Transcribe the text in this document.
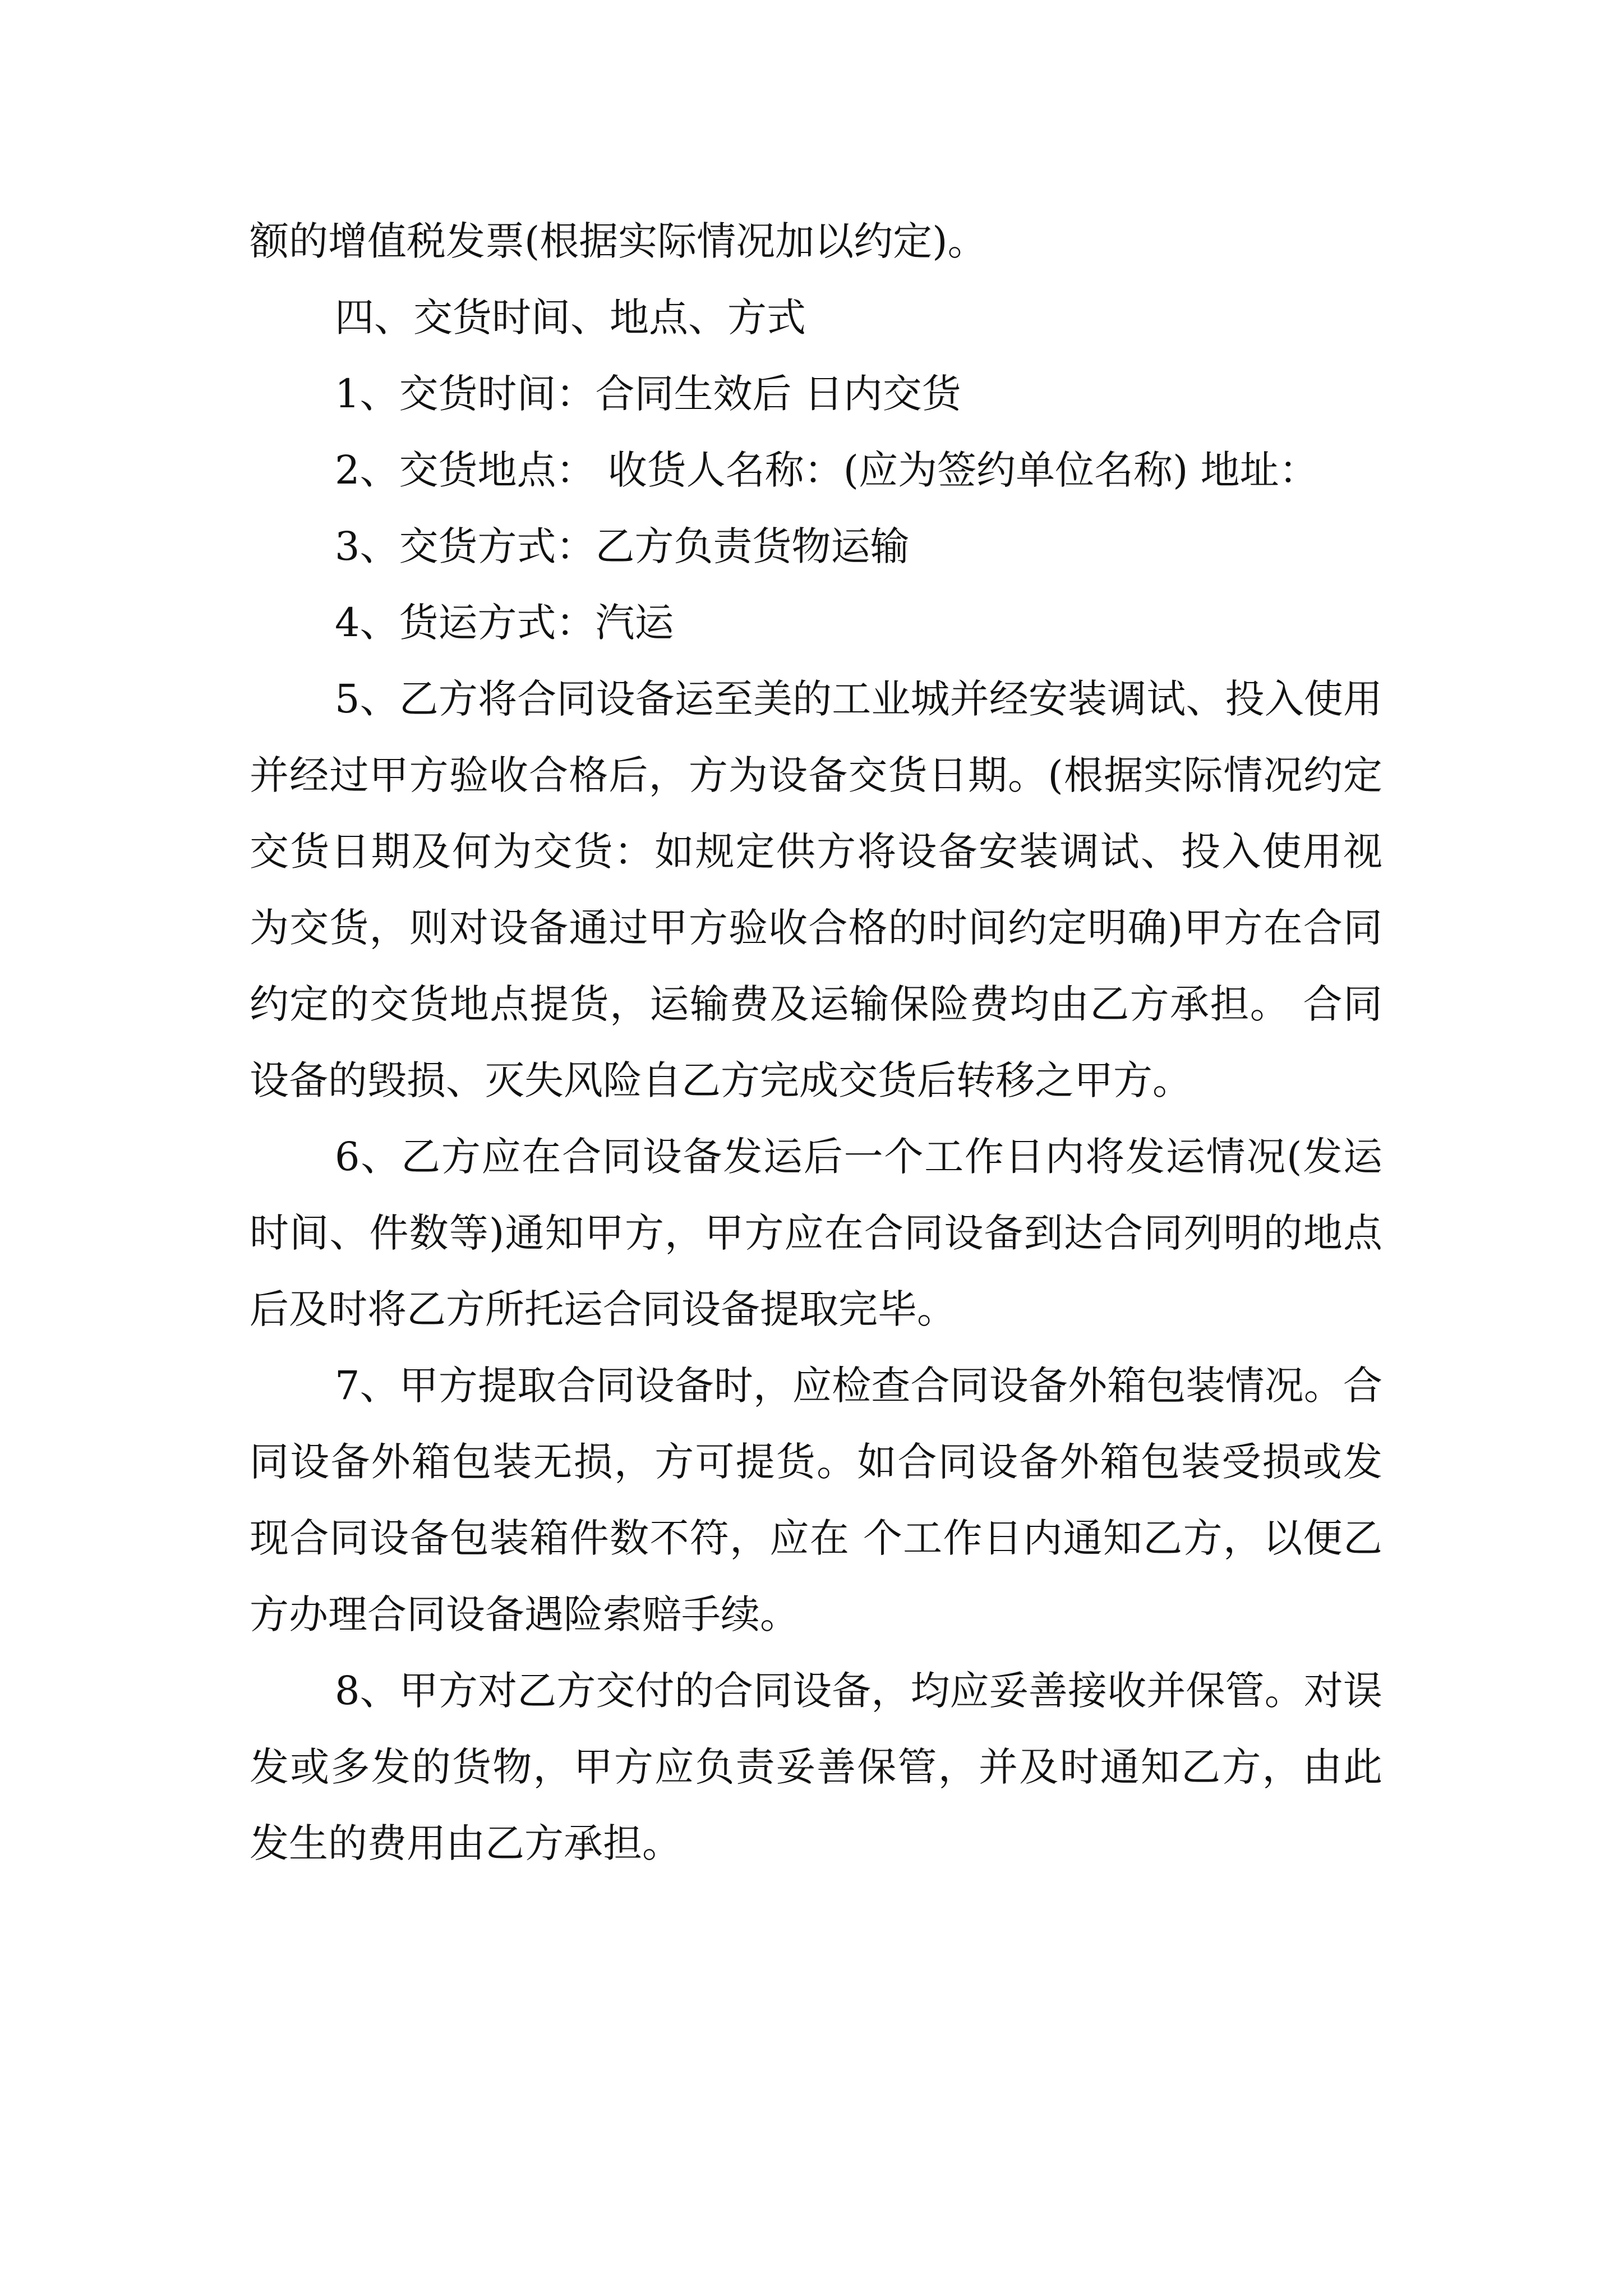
额的增值税发票(根据实际情况加以约定)。

四、交货时间、地点、方式

1、交货时间：合同生效后 日内交货

2、交货地点： 收货人名称：(应为签约单位名称) 地址：

3、交货方式：乙方负责货物运输

4、货运方式：汽运

5、乙方将合同设备运至美的工业城并经安装调试、投入使用并经过甲方验收合格后，方为设备交货日期。(根据实际情况约定交货日期及何为交货：如规定供方将设备安装调试、投入使用视为交货，则对设备通过甲方验收合格的时间约定明确)甲方在合同约定的交货地点提货，运输费及运输保险费均由乙方承担。 合同设备的毁损、灭失风险自乙方完成交货后转移之甲方。

6、乙方应在合同设备发运后一个工作日内将发运情况(发运时间、件数等)通知甲方，甲方应在合同设备到达合同列明的地点后及时将乙方所托运合同设备提取完毕。

7、甲方提取合同设备时，应检查合同设备外箱包装情况。合同设备外箱包装无损，方可提货。如合同设备外箱包装受损或发现合同设备包装箱件数不符，应在 个工作日内通知乙方，以便乙方办理合同设备遇险索赔手续。

8、甲方对乙方交付的合同设备，均应妥善接收并保管。对误发或多发的货物，甲方应负责妥善保管，并及时通知乙方，由此发生的费用由乙方承担。
